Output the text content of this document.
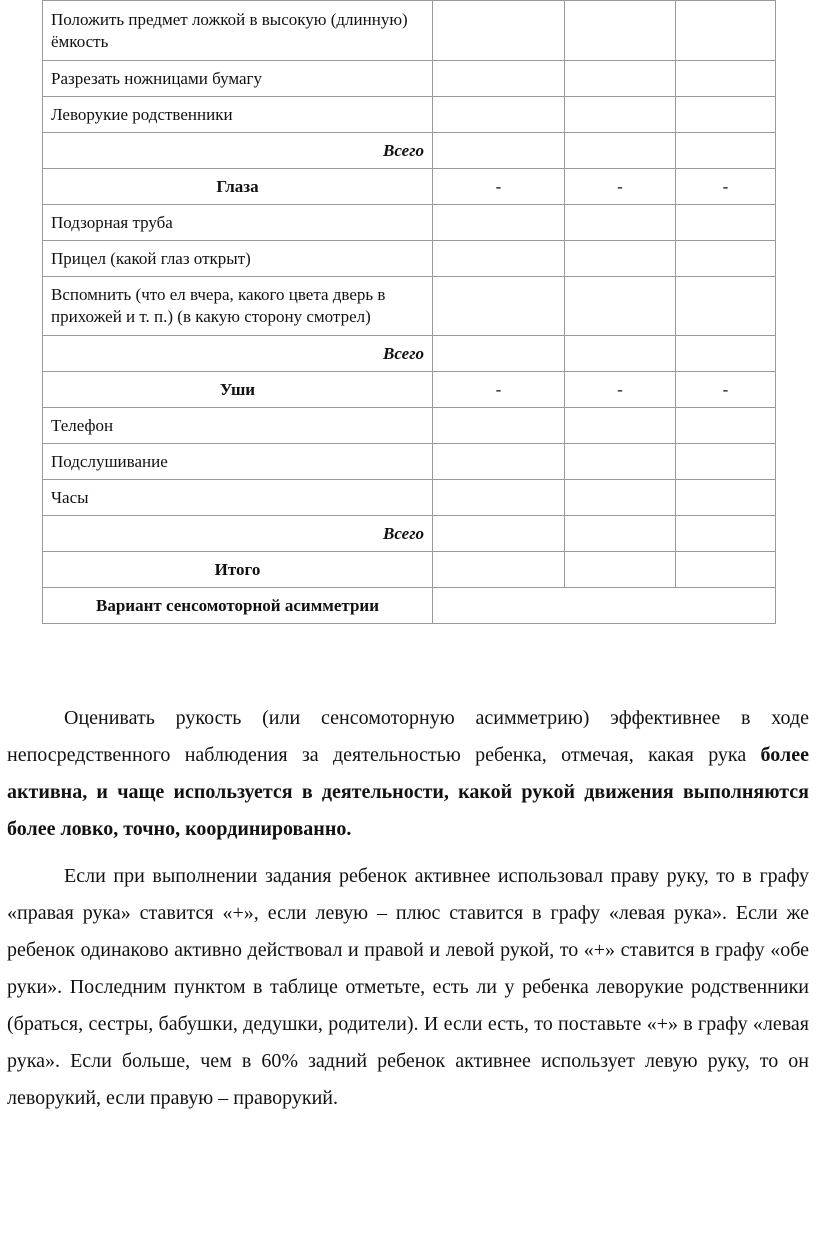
Положить предмет ложкой в высокую (длинную) ёмкость			
Разрезать ножницами бумагу			
Леворукие родственники			
Всего			
Глаза	-	-	-
Подзорная труба			
Прицел (какой глаз открыт)			
Вспомнить (что ел вчера, какого цвета дверь в прихожей и т. п.) (в какую сторону смотрел)			
Всего			
Уши	-	-	-
Телефон			
Подслушивание			
Часы			
Всего			
Итого			
Вариант сенсомоторной асимметрии			

Оценивать рукость (или сенсомоторную асимметрию) эффективнее в ходе непосредственного наблюдения за деятельностью ребенка, отмечая, какая рука более активна, и чаще используется в деятельности, какой рукой движения выполняются более ловко, точно, координированно.

Если при выполнении задания ребенок активнее использовал праву руку, то в графу «правая рука» ставится «+», если левую – плюс ставится в графу «левая рука». Если же ребенок одинаково активно действовал и правой и левой рукой, то «+» ставится в графу «обе руки». Последним пунктом в таблице отметьте, есть ли у ребенка леворукие родственники (браться, сестры, бабушки, дедушки, родители). И если есть, то поставьте «+» в графу «левая рука». Если больше, чем в 60% задний ребенок активнее использует левую руку, то он леворукий, если правую – праворукий.
